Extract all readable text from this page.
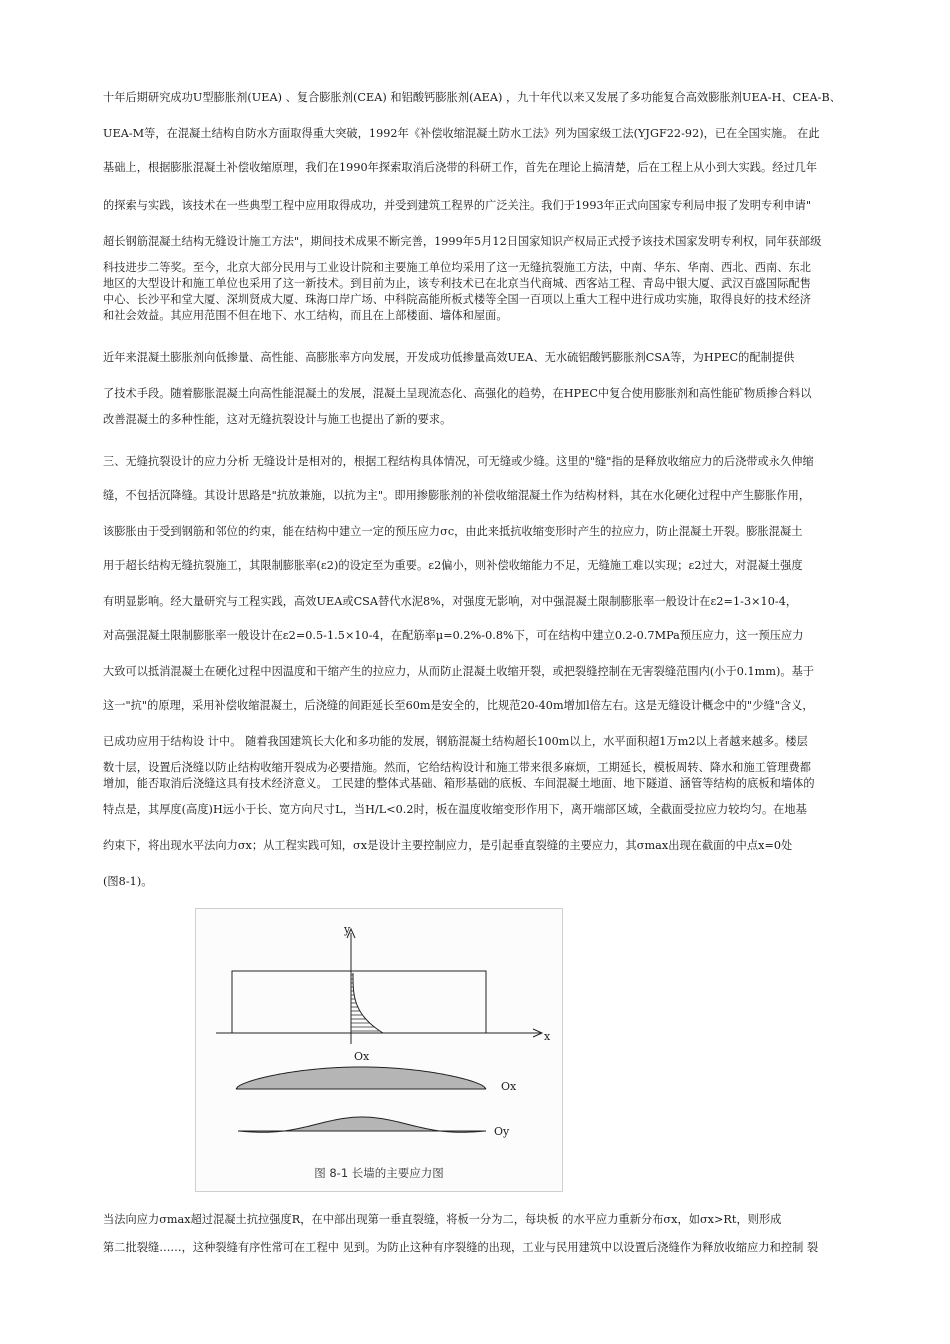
十年后期研究成功U型膨胀剂(UEA) 、复合膨胀剂(CEA) 和铝酸钙膨胀剂(AEA) ，九十年代以来又发展了多功能复合高效膨胀剂UEA-H、CEA-B、
UEA-M等，在混凝土结构自防水方面取得重大突破，1992年《补偿收缩混凝土防水工法》列为国家级工法(YJGF22-92)，已在全国实施。 在此
基础上，根据膨胀混凝土补偿收缩原理，我们在1990年探索取消后浇带的科研工作，首先在理论上搞清楚，后在工程上从小到大实践。经过几年
的探索与实践，该技术在一些典型工程中应用取得成功，并受到建筑工程界的广泛关注。我们于1993年正式向国家专利局申报了发明专利申请"
超长钢筋混凝土结构无缝设计施工方法"，期间技术成果不断完善，1999年5月12日国家知识产权局正式授予该技术国家发明专利权，同年获部级
科技进步二等奖。至今，北京大部分民用与工业设计院和主要施工单位均采用了这一无缝抗裂施工方法，中南、华东、华南、西北、西南、东北
地区的大型设计和施工单位也采用了这一新技术。到目前为止，该专利技术已在北京当代商城、西客站工程、青岛中银大厦、武汉百盛国际配售
中心、长沙平和堂大厦、深圳贤成大厦、珠海口岸广场、中科院高能所板式楼等全国一百项以上重大工程中进行成功实施，取得良好的技术经济
和社会效益。其应用范围不但在地下、水工结构，而且在上部楼面、墙体和屋面。
近年来混凝土膨胀剂向低掺量、高性能、高膨胀率方向发展，开发成功低掺量高效UEA、无水硫铝酸钙膨胀剂CSA等，为HPEC的配制提供
了技术手段。随着膨胀混凝土向高性能混凝土的发展，混凝土呈现流态化、高强化的趋势，在HPEC中复合使用膨胀剂和高性能矿物质掺合料以
改善混凝土的多种性能，这对无缝抗裂设计与施工也提出了新的要求。
三、无缝抗裂设计的应力分析 无缝设计是相对的，根据工程结构具体情况，可无缝或少缝。这里的"缝"指的是释放收缩应力的后浇带或永久伸缩
缝，不包括沉降缝。其设计思路是"抗放兼施，以抗为主"。即用掺膨胀剂的补偿收缩混凝土作为结构材料，其在水化硬化过程中产生膨胀作用，
该膨胀由于受到钢筋和邻位的约束，能在结构中建立一定的预压应力σc，由此来抵抗收缩变形时产生的拉应力，防止混凝土开裂。膨胀混凝土
用于超长结构无缝抗裂施工，其限制膨胀率(ε2)的设定至为重要。ε2偏小，则补偿收缩能力不足，无缝施工难以实现；ε2过大，对混凝土强度
有明显影响。经大量研究与工程实践，高效UEA或CSA替代水泥8%，对强度无影响，对中强混凝土限制膨胀率一般设计在ε2=1-3×10-4，
对高强混凝土限制膨胀率一般设计在ε2=0.5-1.5×10-4，在配筋率μ=0.2%-0.8%下，可在结构中建立0.2-0.7MPa预压应力，这一预压应力
大致可以抵消混凝土在硬化过程中因温度和干缩产生的拉应力，从而防止混凝土收缩开裂，或把裂缝控制在无害裂缝范围内(小于0.1mm)。基于
这一"抗"的原理，采用补偿收缩混凝土，后浇缝的间距延长至60m是安全的，比规范20-40m增加l倍左右。这是无缝设计概念中的"少缝"含义，
已成功应用于结构设 计中。 随着我国建筑长大化和多功能的发展，钢筋混凝土结构超长100m以上，水平面积超1万m2以上者越来越多。楼层
数十层，设置后浇缝以防止结构收缩开裂成为必要措施。然而，它给结构设计和施工带来很多麻烦，工期延长，模板周转、降水和施工管理费都
增加，能否取消后浇缝这具有技术经济意义。 工民建的整体式基础、箱形基础的底板、车间混凝土地面、地下隧道、涵管等结构的底板和墙体的
特点是，其厚度(高度)H远小于长、宽方向尺寸L，当H/L<0.2时，板在温度收缩变形作用下，离开端部区域，全截面受拉应力较均匀。在地基
约束下，将出现水平法向力σx；从工程实践可知，σx是设计主要控制应力，是引起垂直裂缝的主要应力，其σmax出现在截面的中点x=0处
(图8-1)。
当法向应力σmax超过混凝土抗拉强度R，在中部出现第一垂直裂缝，将板一分为二，每块板 的水平应力重新分布σx，如σx>Rt，则形成
第二批裂缝……，这种裂缝有序性常可在工程中 见到。为防止这种有序裂缝的出现，工业与民用建筑中以设置后浇缝作为释放收缩应力和控制 裂
y
x
Ox
Ox
Oy
图 8-1 长墙的主要应力图
